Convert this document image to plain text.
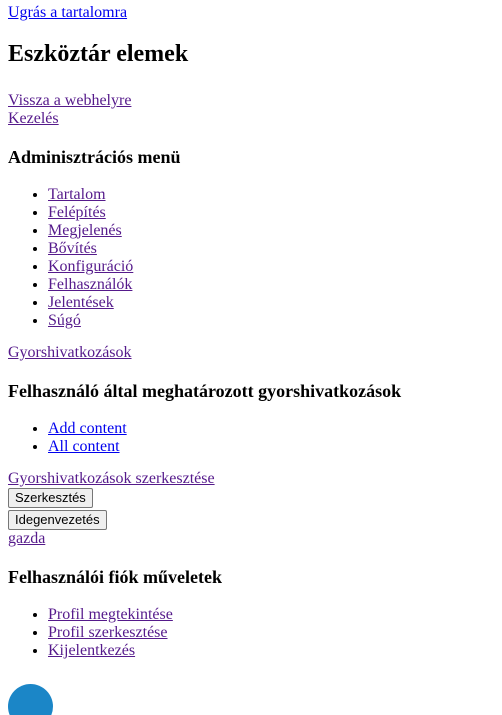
Ugrás a tartalomra
Eszköztár elemek
Vissza a webhelyre
Kezelés
Adminisztrációs menü
• Tartalom
• Felépítés
• Megjelenés
• Bővítés
• Konfiguráció
• Felhasználók
• Jelentések
• Súgó
Gyorshivatkozások
Felhasználó által meghatározott gyorshivatkozások
• Add content
• All content
Gyorshivatkozások szerkesztése
Szerkesztés
Idegenvezetés
gazda
Felhasználói fiók műveletek
• Profil megtekintése
• Profil szerkesztése
• Kijelentkezés
